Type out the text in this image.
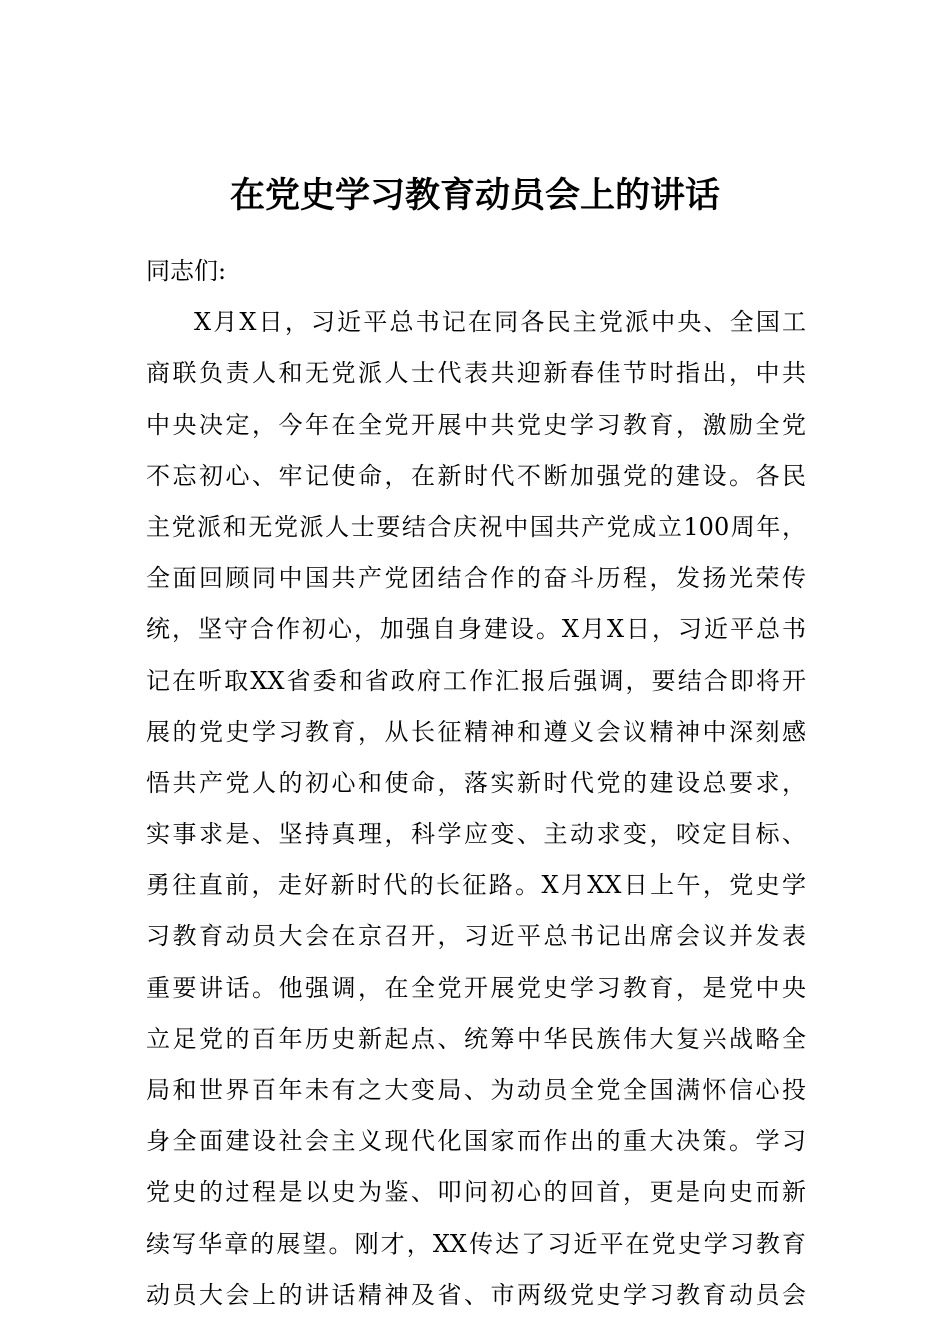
在党史学习教育动员会上的讲话
同志们:
X月X日，习近平总书记在同各民主党派中央、全国工
商联负责人和无党派人士代表共迎新春佳节时指出，中共
中央决定，今年在全党开展中共党史学习教育，激励全党
不忘初心、牢记使命，在新时代不断加强党的建设。各民
主党派和无党派人士要结合庆祝中国共产党成立100周年，
全面回顾同中国共产党团结合作的奋斗历程，发扬光荣传
统，坚守合作初心，加强自身建设。X月X日，习近平总书
记在听取XX省委和省政府工作汇报后强调，要结合即将开
展的党史学习教育，从长征精神和遵义会议精神中深刻感
悟共产党人的初心和使命，落实新时代党的建设总要求，
实事求是、坚持真理，科学应变、主动求变，咬定目标、
勇往直前，走好新时代的长征路。X月XX日上午，党史学
习教育动员大会在京召开，习近平总书记出席会议并发表
重要讲话。他强调，在全党开展党史学习教育，是党中央
立足党的百年历史新起点、统筹中华民族伟大复兴战略全
局和世界百年未有之大变局、为动员全党全国满怀信心投
身全面建设社会主义现代化国家而作出的重大决策。学习
党史的过程是以史为鉴、叩问初心的回首，更是向史而新
续写华章的展望。刚才，XX传达了习近平在党史学习教育
动员大会上的讲话精神及省、市两级党史学习教育动员会
